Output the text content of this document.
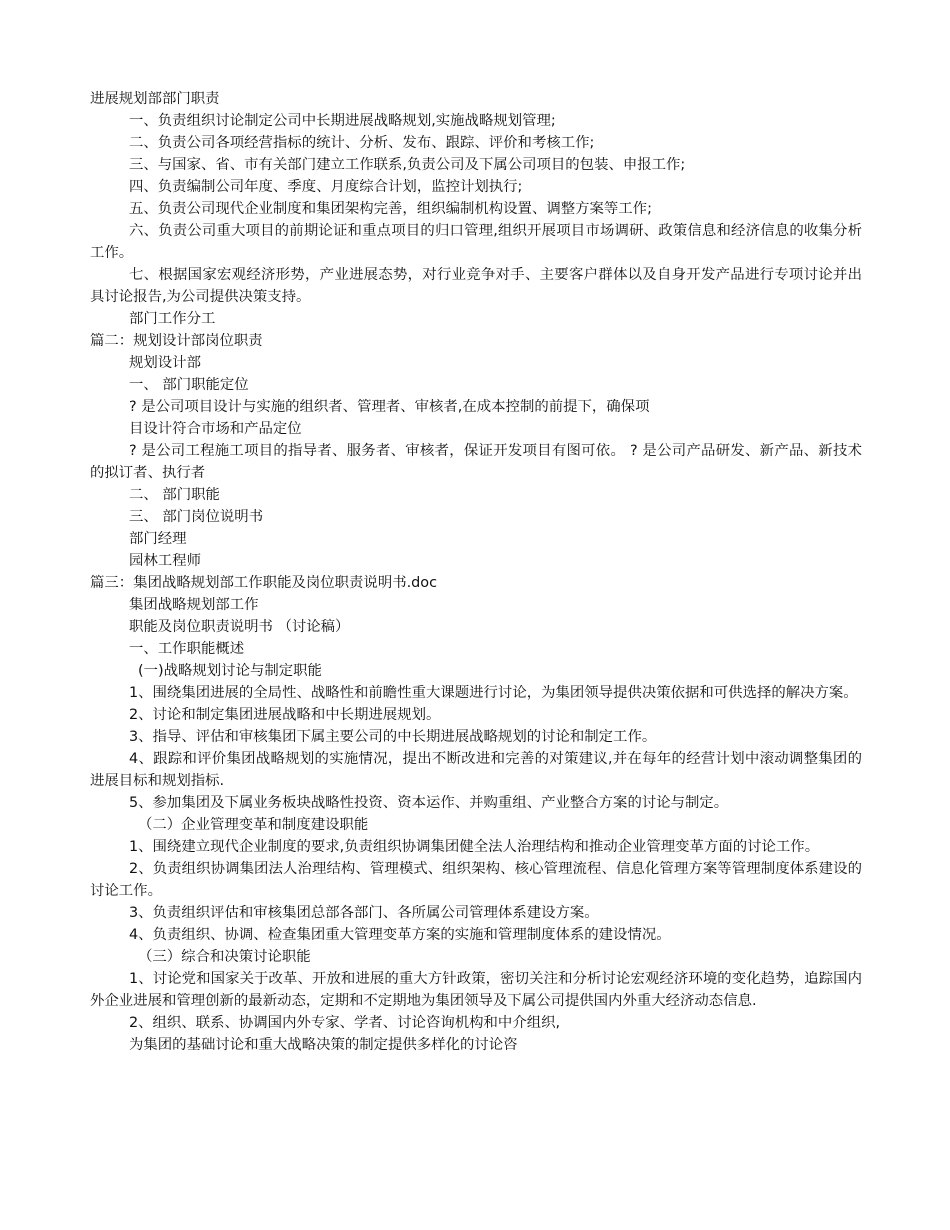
进展规划部部门职责
一、负责组织讨论制定公司中长期进展战略规划,实施战略规划管理;
二、负责公司各项经营指标的统计、分析、发布、跟踪、评价和考核工作;
三、与国家、省、市有关部门建立工作联系,负责公司及下属公司项目的包装、申报工作;
四、负责编制公司年度、季度、月度综合计划，监控计划执行;
五、负责公司现代企业制度和集团架构完善，组织编制机构设置、调整方案等工作;
六、负责公司重大项目的前期论证和重点项目的归口管理,组织开展项目市场调研、政策信息和经济信息的收集分析工作。
七、根据国家宏观经济形势，产业进展态势，对行业竞争对手、主要客户群体以及自身开发产品进行专项讨论并出具讨论报告,为公司提供决策支持。
部门工作分工
篇二：规划设计部岗位职责
规划设计部
一、 部门职能定位
? 是公司项目设计与实施的组织者、管理者、审核者,在成本控制的前提下，确保项
目设计符合市场和产品定位
? 是公司工程施工项目的指导者、服务者、审核者，保证开发项目有图可依。 ? 是公司产品研发、新产品、新技术的拟订者、执行者
二、 部门职能
三、 部门岗位说明书
部门经理
园林工程师
篇三：集团战略规划部工作职能及岗位职责说明书.doc
集团战略规划部工作
职能及岗位职责说明书 （讨论稿）
一、工作职能概述
(一)战略规划讨论与制定职能
1、围绕集团进展的全局性、战略性和前瞻性重大课题进行讨论，为集团领导提供决策依据和可供选择的解决方案。
2、讨论和制定集团进展战略和中长期进展规划。
3、指导、评估和审核集团下属主要公司的中长期进展战略规划的讨论和制定工作。
4、跟踪和评价集团战略规划的实施情况，提出不断改进和完善的对策建议,并在每年的经营计划中滚动调整集团的进展目标和规划指标.
5、参加集团及下属业务板块战略性投资、资本运作、并购重组、产业整合方案的讨论与制定。
（二）企业管理变革和制度建设职能
1、围绕建立现代企业制度的要求,负责组织协调集团健全法人治理结构和推动企业管理变革方面的讨论工作。
2、负责组织协调集团法人治理结构、管理模式、组织架构、核心管理流程、信息化管理方案等管理制度体系建设的讨论工作。
3、负责组织评估和审核集团总部各部门、各所属公司管理体系建设方案。
4、负责组织、协调、检查集团重大管理变革方案的实施和管理制度体系的建设情况。
（三）综合和决策讨论职能
1、讨论党和国家关于改革、开放和进展的重大方针政策，密切关注和分析讨论宏观经济环境的变化趋势，追踪国内外企业进展和管理创新的最新动态，定期和不定期地为集团领导及下属公司提供国内外重大经济动态信息.
2、组织、联系、协调国内外专家、学者、讨论咨询机构和中介组织,
为集团的基础讨论和重大战略决策的制定提供多样化的讨论咨
